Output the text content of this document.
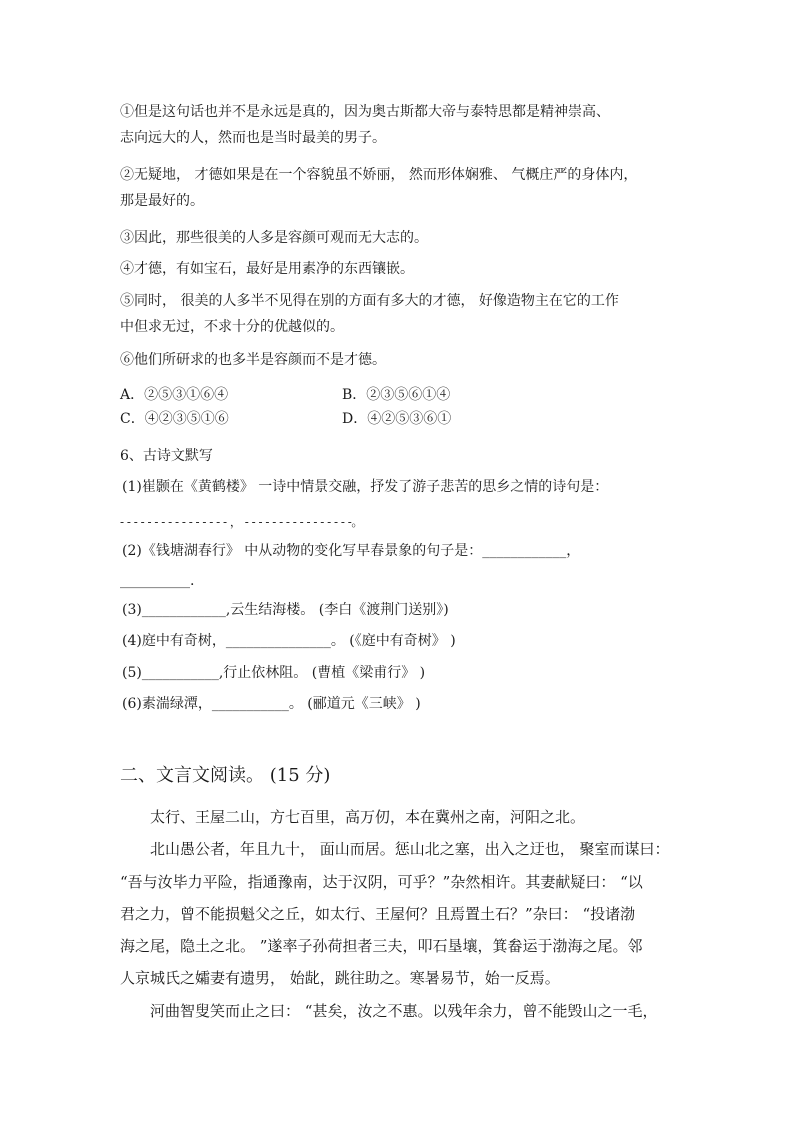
①但是这句话也并不是永远是真的，因为奥古斯都大帝与泰特思都是精神崇高、
志向远大的人，然而也是当时最美的男子。
②无疑地， 才德如果是在一个容貌虽不娇丽， 然而形体娴雅、 气概庄严的身体内，
那是最好的。
③因此，那些很美的人多是容颜可观而无大志的。
④才德，有如宝石，最好是用素净的东西镶嵌。
⑤同时， 很美的人多半不见得在别的方面有多大的才德， 好像造物主在它的工作
中但求无过，不求十分的优越似的。
⑥他们所研求的也多半是容颜而不是才德。
A．②⑤③①⑥④	B．②③⑤⑥①④
C．④②③⑤①⑥	D．④②⑤③⑥①
6、古诗文默写
(1)崔颢在《黄鹤楼》 一诗中情景交融，抒发了游子悲苦的思乡之情的诗句是：
- - - - - - - - - - - - - - - - ， - - - - - - - - - - - - - - - -。
(2)《钱塘湖春行》 中从动物的变化写早春景象的句子是：____________，
__________.
(3)____________,云生结海楼。 (李白《渡荆门送别》)
(4)庭中有奇树，_______________。 (《庭中有奇树》 )
(5)___________,行止依林阻。 (曹植《梁甫行》 )
(6)素湍绿潭，___________。 (郦道元《三峡》 )
二、文言文阅读。 (15 分)
太行、王屋二山，方七百里，高万仞，本在冀州之南，河阳之北。
北山愚公者，年且九十， 面山而居。惩山北之塞，出入之迂也， 聚室而谋曰：
“吾与汝毕力平险，指通豫南，达于汉阴，可乎？”杂然相许。其妻献疑曰： “以
君之力，曾不能损魁父之丘，如太行、王屋何？且焉置土石？”杂曰： “投诸渤
海之尾，隐土之北。 ”遂率子孙荷担者三夫，叩石垦壤，箕畚运于渤海之尾。邻
人京城氏之孀妻有遗男， 始龀，跳往助之。寒暑易节，始一反焉。
河曲智叟笑而止之曰： “甚矣，汝之不惠。以残年余力，曾不能毁山之一毛，
